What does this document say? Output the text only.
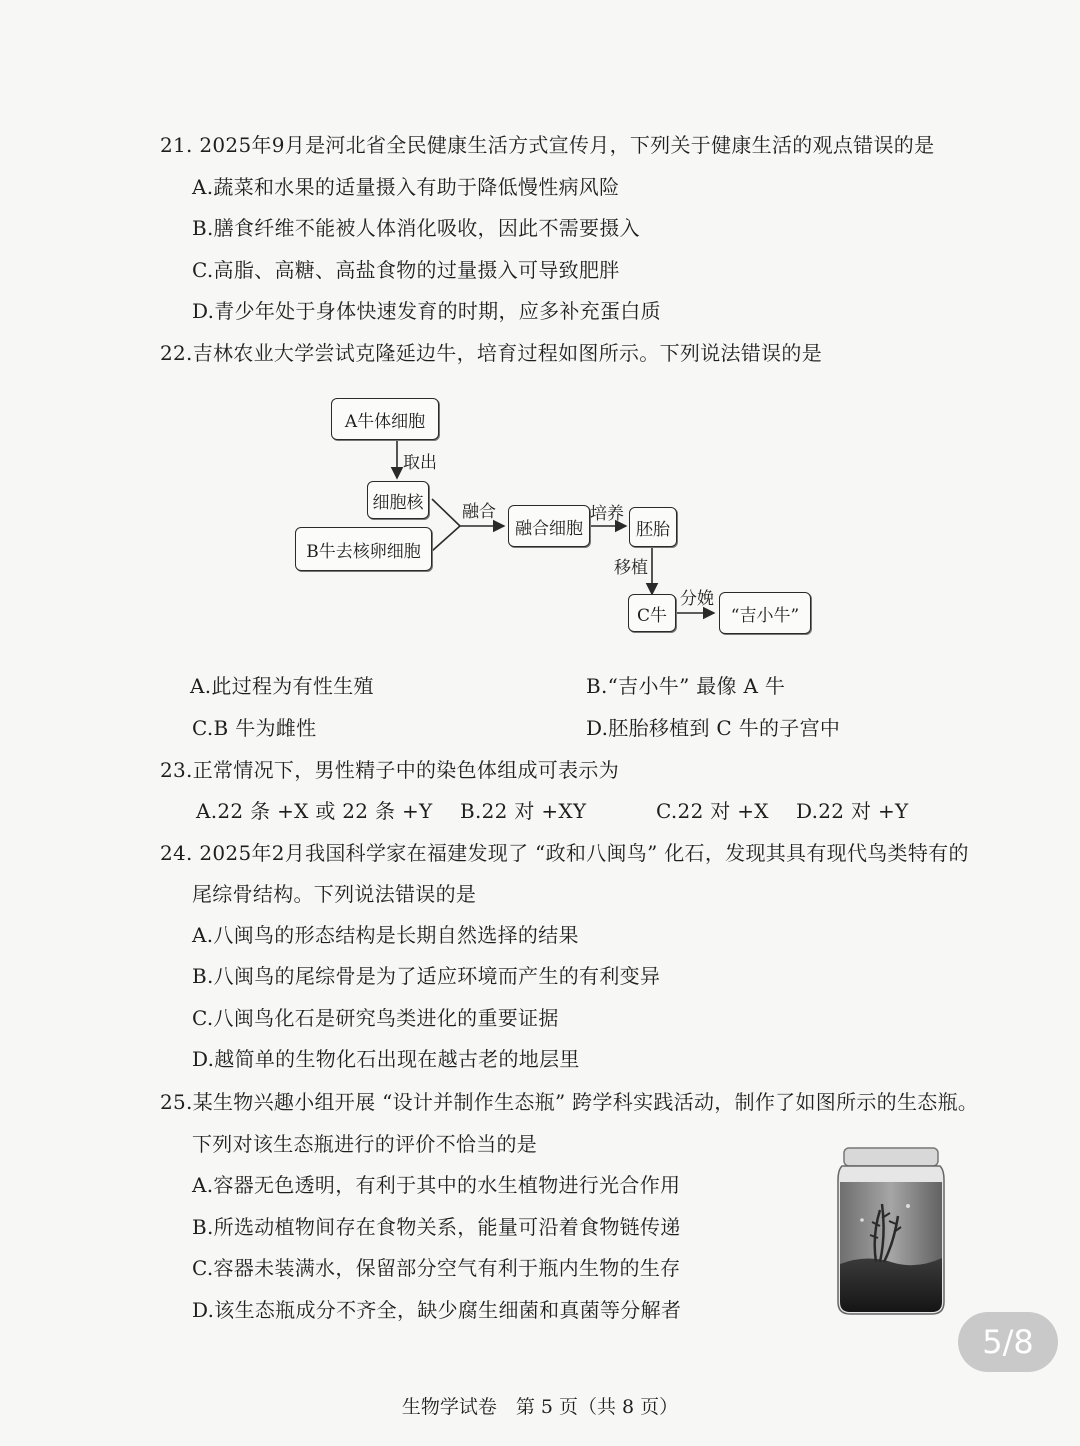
21. 2025年9月是河北省全民健康生活方式宣传月，下列关于健康生活的观点错误的是
A.蔬菜和水果的适量摄入有助于降低慢性病风险
B.膳食纤维不能被人体消化吸收，因此不需要摄入
C.高脂、高糖、高盐食物的过量摄入可导致肥胖
D.青少年处于身体快速发育的时期，应多补充蛋白质
22.吉林农业大学尝试克隆延边牛，培育过程如图所示。下列说法错误的是
A牛体细胞
取出
细胞核
B牛去核卵细胞
融合
融合细胞
培养
胚胎
移植
C牛
分娩
“吉小牛”
A.此过程为有性生殖	B.“吉小牛” 最像 A 牛
C.B 牛为雌性	D.胚胎移植到 C 牛的子宫中
23.正常情况下，男性精子中的染色体组成可表示为
A.22 条 +X 或 22 条 +Y B.22 对 +XY	C.22 对 +X D.22 对 +Y
24. 2025年2月我国科学家在福建发现了 “政和八闽鸟” 化石，发现其具有现代鸟类特有的
尾综骨结构。下列说法错误的是
A.八闽鸟的形态结构是长期自然选择的结果
B.八闽鸟的尾综骨是为了适应环境而产生的有利变异
C.八闽鸟化石是研究鸟类进化的重要证据
D.越简单的生物化石出现在越古老的地层里
25.某生物兴趣小组开展 “设计并制作生态瓶” 跨学科实践活动，制作了如图所示的生态瓶。
下列对该生态瓶进行的评价不恰当的是
A.容器无色透明，有利于其中的水生植物进行光合作用
B.所选动植物间存在食物关系，能量可沿着食物链传递
C.容器未装满水，保留部分空气有利于瓶内生物的生存
D.该生态瓶成分不齐全，缺少腐生细菌和真菌等分解者
5/8
生物学试卷　第 5 页（共 8 页）
